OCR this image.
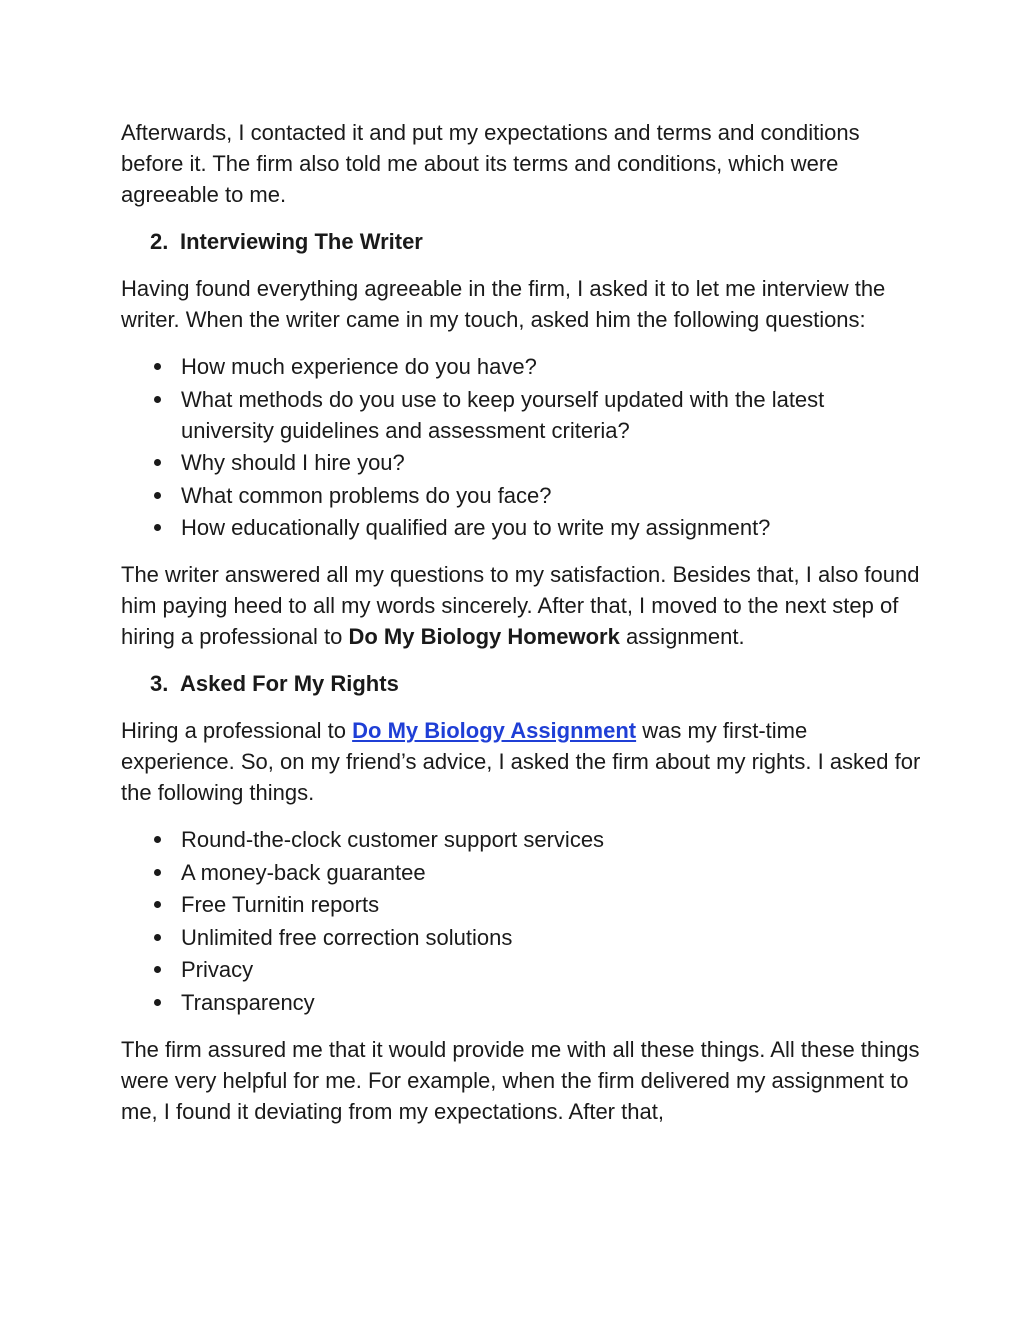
Afterwards, I contacted it and put my expectations and terms and conditions before it. The firm also told me about its terms and conditions, which were agreeable to me.

2. Interviewing The Writer

Having found everything agreeable in the firm, I asked it to let me interview the writer. When the writer came in my touch, asked him the following questions:

How much experience do you have?
What methods do you use to keep yourself updated with the latest university guidelines and assessment criteria?
Why should I hire you?
What common problems do you face?
How educationally qualified are you to write my assignment?

The writer answered all my questions to my satisfaction. Besides that, I also found him paying heed to all my words sincerely. After that, I moved to the next step of hiring a professional to Do My Biology Homework assignment.

3. Asked For My Rights

Hiring a professional to Do My Biology Assignment was my first-time experience. So, on my friend’s advice, I asked the firm about my rights. I asked for the following things.

Round-the-clock customer support services
A money-back guarantee
Free Turnitin reports
Unlimited free correction solutions
Privacy
Transparency

The firm assured me that it would provide me with all these things. All these things were very helpful for me. For example, when the firm delivered my assignment to me, I found it deviating from my expectations. After that,
